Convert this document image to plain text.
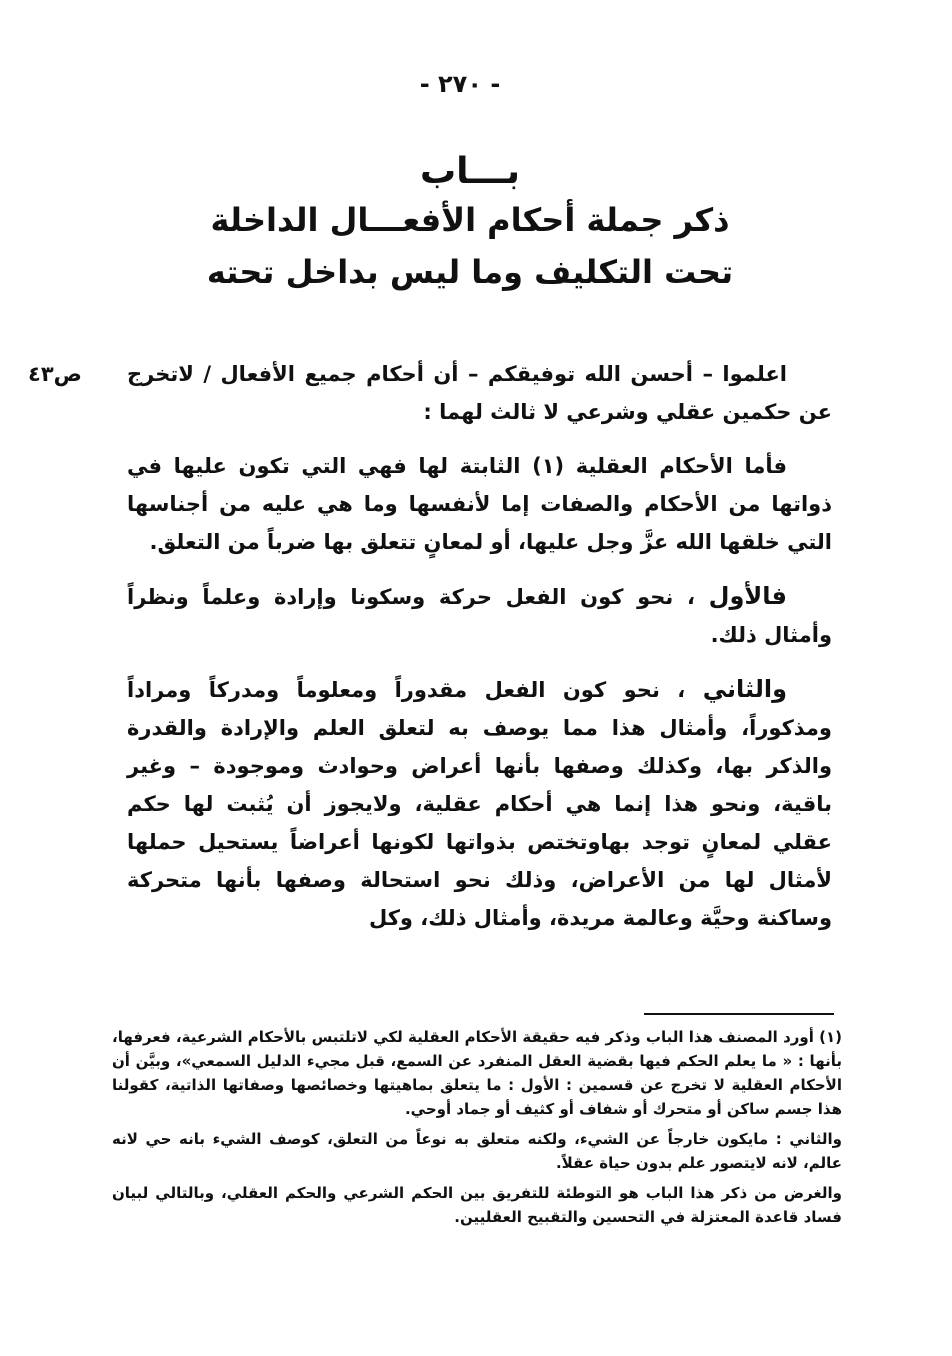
- ٢٧٠ -
بـــاب
ذكر جملة أحكام الأفعـــال الداخلة
تحت التكليف وما ليس بداخل تحته
ص٤٣	اعلموا – أحسن الله توفيقكم – أن أحكام جميع الأفعال / لاتخرج عن حكمين عقلي وشرعي لا ثالث لهما :

فأما الأحكام العقلية (١) الثابتة لها فهي التي تكون عليها في ذواتها من الأحكام والصفات إما لأنفسها وما هي عليه من أجناسها التي خلقها الله عزَّ وجل عليها، أو لمعانٍ تتعلق بها ضرباً من التعلق.

فالأول ، نحو كون الفعل حركة وسكونا وإرادة وعلماً ونظراً وأمثال ذلك.

والثاني ، نحو كون الفعل مقدوراً ومعلوماً ومدركاً ومراداً ومذكوراً، وأمثال هذا مما يوصف به لتعلق العلم والإرادة والقدرة والذكر بها، وكذلك وصفها بأنها أعراض وحوادث وموجودة – وغير باقية، ونحو هذا إنما هي أحكام عقلية، ولايجوز أن يُثبت لها حكم عقلي لمعانٍ توجد بهاوتختص بذواتها لكونها أعراضاً يستحيل حملها لأمثال لها من الأعراض، وذلك نحو استحالة وصفها بأنها متحركة وساكنة وحيَّة وعالمة مريدة، وأمثال ذلك، وكل

(١) أورد المصنف هذا الباب وذكر فيه حقيقة الأحكام العقلية لكي لاتلتبس بالأحكام الشرعية، فعرفها، بأنها : « ما يعلم الحكم فيها بقضية العقل المنفرد عن السمع، قبل مجيء الدليل السمعي»، وبيَّن أن الأحكام العقلية لا تخرج عن قسمين : الأول : ما يتعلق بماهيتها وخصائصها وصفاتها الذاتية، كقولنا هذا جسم ساكن أو متحرك أو شفاف أو كثيف أو جماد أوحي.

والثاني : مايكون خارجاً عن الشيء، ولكنه متعلق به نوعاً من التعلق، كوصف الشيء بانه حي لانه عالم، لانه لايتصور علم بدون حياة عقلاً.

والغرض من ذكر هذا الباب هو التوطئة للتفريق بين الحكم الشرعي والحكم العقلي، وبالتالي لبيان فساد قاعدة المعتزلة في التحسين والتقبيح العقليين.
